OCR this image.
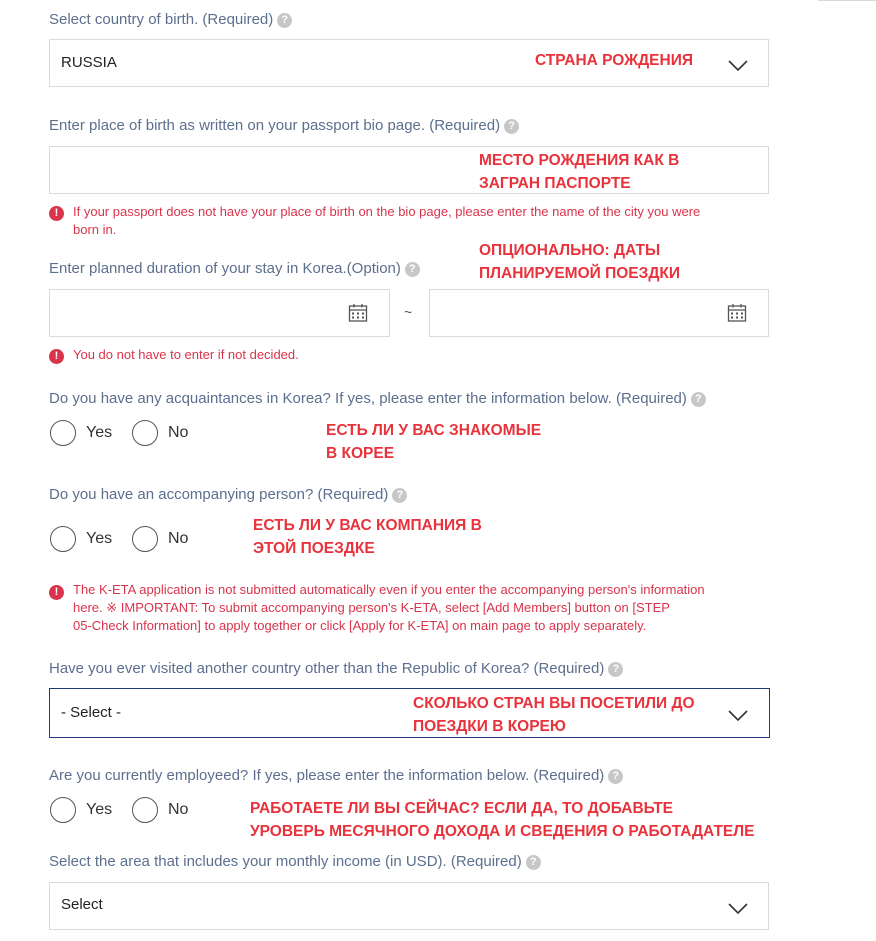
Select country of birth. (Required) ?
RUSSIA	СТРАНА РОЖДЕНИЯ
Enter place of birth as written on your passport bio page. (Required) ?
МЕСТО РОЖДЕНИЯ КАК В
ЗАГРАН ПАСПОРТЕ
!	If your passport does not have your place of birth on the bio page, please enter the name of the city you were
born in.
ОПЦИОНАЛЬНО: ДАТЫ
ПЛАНИРУЕМОЙ ПОЕЗДКИ
Enter planned duration of your stay in Korea.(Option) ?
~
!	You do not have to enter if not decided.
Do you have any acquaintances in Korea? If yes, please enter the information below. (Required) ?
Yes	No	ЕСТЬ ЛИ У ВАС ЗНАКОМЫЕ
В КОРЕЕ
Do you have an accompanying person? (Required) ?
Yes	No
ЕСТЬ ЛИ У ВАС КОМПАНИЯ В
ЭТОЙ ПОЕЗДКЕ
!	The K-ETA application is not submitted automatically even if you enter the accompanying person's information
here. ※ IMPORTANT: To submit accompanying person's K-ETA, select [Add Members] button on [STEP
05-Check Information] to apply together or click [Apply for K-ETA] on main page to apply separately.
Have you ever visited another country other than the Republic of Korea? (Required) ?
- Select -
СКОЛЬКО СТРАН ВЫ ПОСЕТИЛИ ДО
ПОЕЗДКИ В КОРЕЮ
Are you currently employeed? If yes, please enter the information below. (Required) ?
Yes	No	РАБОТАЕТЕ ЛИ ВЫ СЕЙЧАС? ЕСЛИ ДА, ТО ДОБАВЬТЕ
УРОВЕРЬ МЕСЯЧНОГО ДОХОДА И СВЕДЕНИЯ О РАБОТАДАТЕЛЕ
Select the area that includes your monthly income (in USD). (Required) ?
Select
